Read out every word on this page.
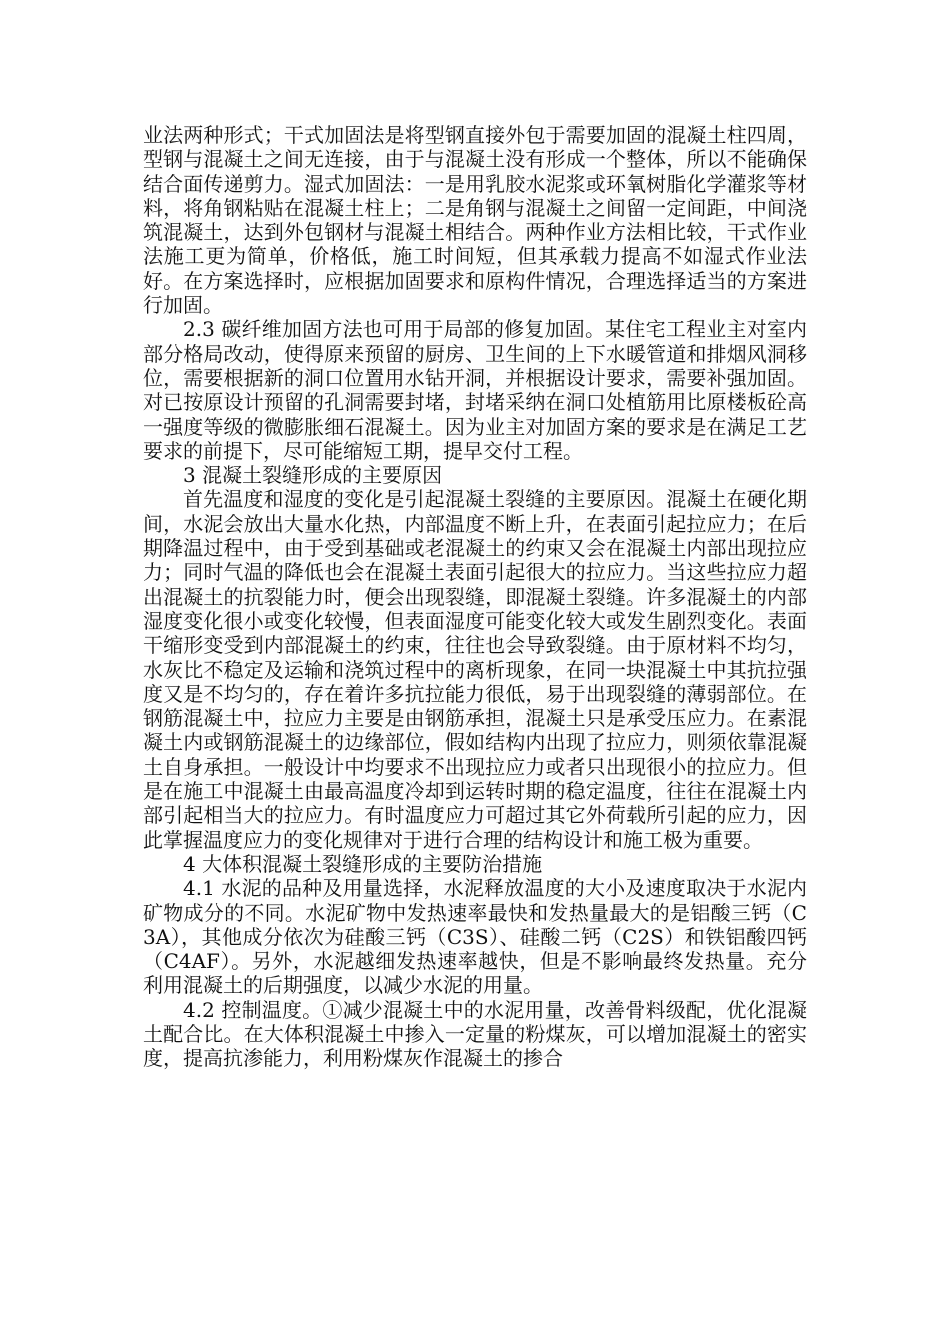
业法两种形式；干式加固法是将型钢直接外包于需要加固的混凝土柱四周，型钢与混凝土之间无连接，由于与混凝土没有形成一个整体，所以不能确保结合面传递剪力。湿式加固法：一是用乳胶水泥浆或环氧树脂化学灌浆等材料，将角钢粘贴在混凝土柱上；二是角钢与混凝土之间留一定间距，中间浇筑混凝土，达到外包钢材与混凝土相结合。两种作业方法相比较，干式作业法施工更为简单，价格低，施工时间短，但其承载力提高不如湿式作业法好。在方案选择时，应根据加固要求和原构件情况，合理选择适当的方案进行加固。

2.3 碳纤维加固方法也可用于局部的修复加固。某住宅工程业主对室内部分格局改动，使得原来预留的厨房、卫生间的上下水暖管道和排烟风洞移位，需要根据新的洞口位置用水钻开洞，并根据设计要求，需要补强加固。对已按原设计预留的孔洞需要封堵，封堵采纳在洞口处植筋用比原楼板砼高一强度等级的微膨胀细石混凝土。因为业主对加固方案的要求是在满足工艺要求的前提下，尽可能缩短工期，提早交付工程。

3 混凝土裂缝形成的主要原因

首先温度和湿度的变化是引起混凝土裂缝的主要原因。混凝土在硬化期间，水泥会放出大量水化热，内部温度不断上升，在表面引起拉应力；在后期降温过程中，由于受到基础或老混凝土的约束又会在混凝土内部出现拉应力；同时气温的降低也会在混凝土表面引起很大的拉应力。当这些拉应力超出混凝土的抗裂能力时，便会出现裂缝，即混凝土裂缝。许多混凝土的内部湿度变化很小或变化较慢，但表面湿度可能变化较大或发生剧烈变化。表面干缩形变受到内部混凝土的约束，往往也会导致裂缝。由于原材料不均匀，水灰比不稳定及运输和浇筑过程中的离析现象，在同一块混凝土中其抗拉强度又是不均匀的，存在着许多抗拉能力很低，易于出现裂缝的薄弱部位。在钢筋混凝土中，拉应力主要是由钢筋承担，混凝土只是承受压应力。在素混凝土内或钢筋混凝土的边缘部位，假如结构内出现了拉应力，则须依靠混凝土自身承担。一般设计中均要求不出现拉应力或者只出现很小的拉应力。但是在施工中混凝土由最高温度冷却到运转时期的稳定温度，往往在混凝土内部引起相当大的拉应力。有时温度应力可超过其它外荷载所引起的应力，因此掌握温度应力的变化规律对于进行合理的结构设计和施工极为重要。

4 大体积混凝土裂缝形成的主要防治措施

4.1 水泥的品种及用量选择，水泥释放温度的大小及速度取决于水泥内矿物成分的不同。水泥矿物中发热速率最快和发热量最大的是铝酸三钙（C3A），其他成分依次为硅酸三钙（C3S）、硅酸二钙（C2S）和铁铝酸四钙（C4AF）。另外，水泥越细发热速率越快，但是不影响最终发热量。充分利用混凝土的后期强度，以减少水泥的用量。

4.2 控制温度。①减少混凝土中的水泥用量，改善骨料级配，优化混凝土配合比。在大体积混凝土中掺入一定量的粉煤灰，可以增加混凝土的密实度，提高抗渗能力，利用粉煤灰作混凝土的掺合
